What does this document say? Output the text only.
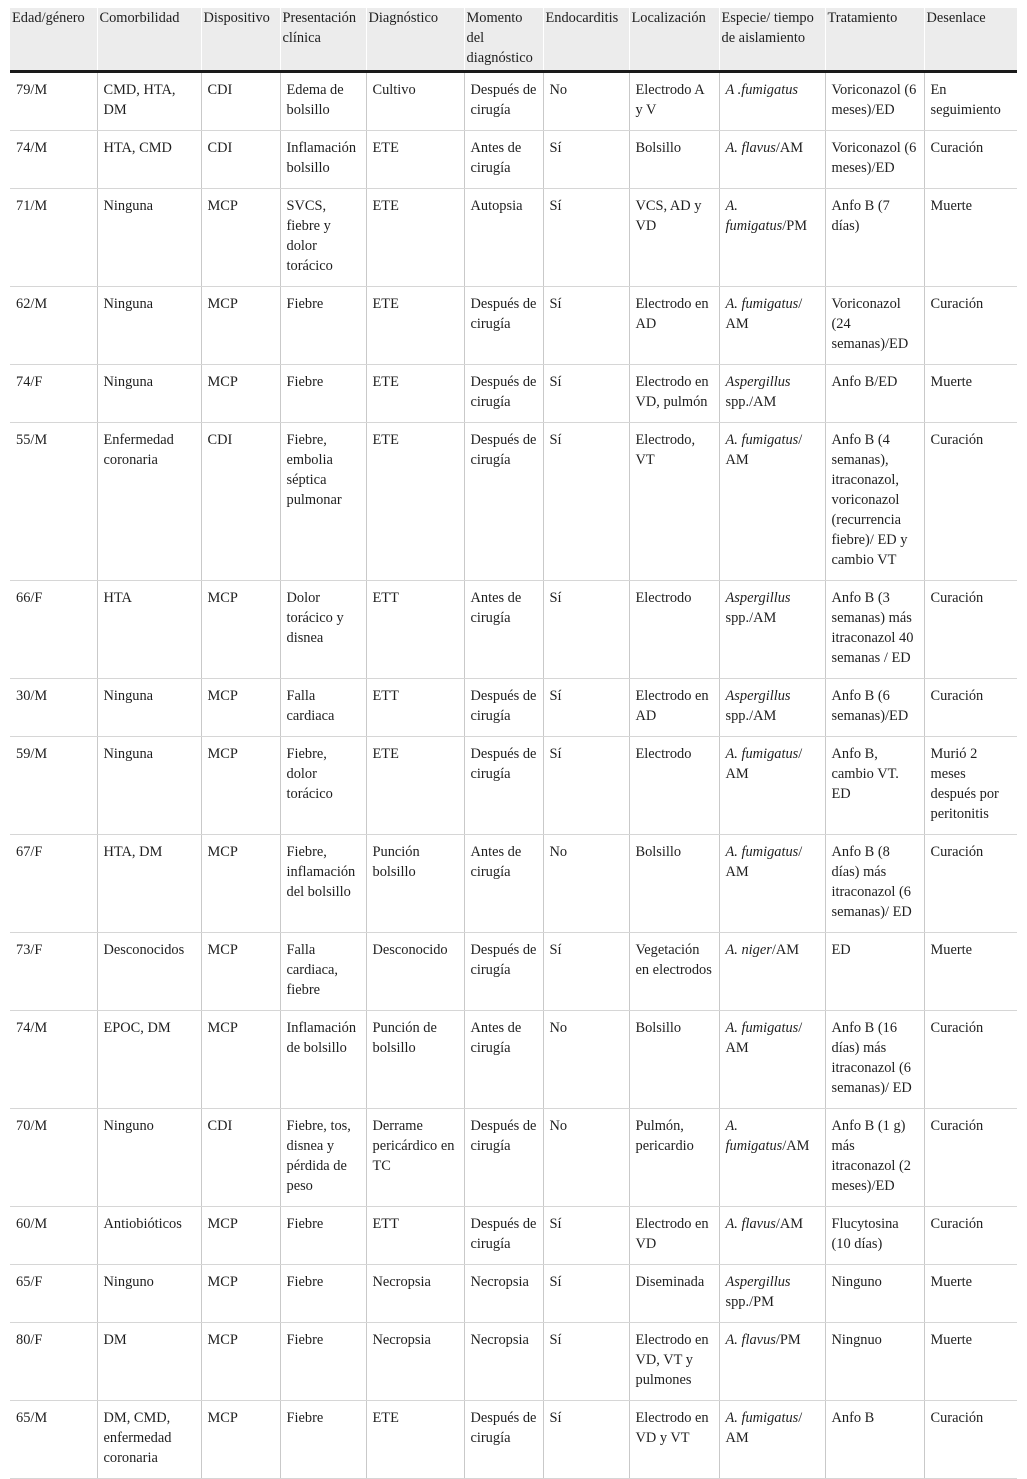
Edad/género	Comorbilidad	Dispositivo	Presentación clínica	Diagnóstico	Momento del diagnóstico	Endocarditis	Localización	Especie/ tiempo de aislamiento	Tratamiento	Desenlace
79/M	CMD, HTA, DM	CDI	Edema de bolsillo	Cultivo	Después de cirugía	No	Electrodo A y V	A .fumigatus	Voriconazol (6 meses)/ED	En seguimiento
74/M	HTA, CMD	CDI	Inflamación bolsillo	ETE	Antes de cirugía	Sí	Bolsillo	A. flavus/AM	Voriconazol (6 meses)/ED	Curación
71/M	Ninguna	MCP	SVCS, fiebre y dolor torácico	ETE	Autopsia	Sí	VCS, AD y VD	A. fumigatus/PM	Anfo B (7 días)	Muerte
62/M	Ninguna	MCP	Fiebre	ETE	Después de cirugía	Sí	Electrodo en AD	A. fumigatus/ AM	Voriconazol (24 semanas)/ED	Curación
74/F	Ninguna	MCP	Fiebre	ETE	Después de cirugía	Sí	Electrodo en VD, pulmón	Aspergillus spp./AM	Anfo B/ED	Muerte
55/M	Enfermedad coronaria	CDI	Fiebre, embolia séptica pulmonar	ETE	Después de cirugía	Sí	Electrodo, VT	A. fumigatus/ AM	Anfo B (4 semanas), itraconazol, voriconazol (recurrencia fiebre)/ ED y cambio VT	Curación
66/F	HTA	MCP	Dolor torácico y disnea	ETT	Antes de cirugía	Sí	Electrodo	Aspergillus spp./AM	Anfo B (3 semanas) más itraconazol 40 semanas / ED	Curación
30/M	Ninguna	MCP	Falla cardiaca	ETT	Después de cirugía	Sí	Electrodo en AD	Aspergillus spp./AM	Anfo B (6 semanas)/ED	Curación
59/M	Ninguna	MCP	Fiebre, dolor torácico	ETE	Después de cirugía	Sí	Electrodo	A. fumigatus/ AM	Anfo B, cambio VT. ED	Murió 2 meses después por peritonitis
67/F	HTA, DM	MCP	Fiebre, inflamación del bolsillo	Punción bolsillo	Antes de cirugía	No	Bolsillo	A. fumigatus/ AM	Anfo B (8 días) más itraconazol (6 semanas)/ ED	Curación
73/F	Desconocidos	MCP	Falla cardiaca, fiebre	Desconocido	Después de cirugía	Sí	Vegetación en electrodos	A. niger/AM	ED	Muerte
74/M	EPOC, DM	MCP	Inflamación de bolsillo	Punción de bolsillo	Antes de cirugía	No	Bolsillo	A. fumigatus/ AM	Anfo B (16 días) más itraconazol (6 semanas)/ ED	Curación
70/M	Ninguno	CDI	Fiebre, tos, disnea y pérdida de peso	Derrame pericárdico en TC	Después de cirugía	No	Pulmón, pericardio	A. fumigatus/AM	Anfo B (1 g) más itraconazol (2 meses)/ED	Curación
60/M	Antiobióticos	MCP	Fiebre	ETT	Después de cirugía	Sí	Electrodo en VD	A. flavus/AM	Flucytosina (10 días)	Curación
65/F	Ninguno	MCP	Fiebre	Necropsia	Necropsia	Sí	Diseminada	Aspergillus spp./PM	Ninguno	Muerte
80/F	DM	MCP	Fiebre	Necropsia	Necropsia	Sí	Electrodo en VD, VT y pulmones	A. flavus/PM	Ningnuo	Muerte
65/M	DM, CMD, enfermedad coronaria	MCP	Fiebre	ETE	Después de cirugía	Sí	Electrodo en VD y VT	A. fumigatus/ AM	Anfo B	Curación
